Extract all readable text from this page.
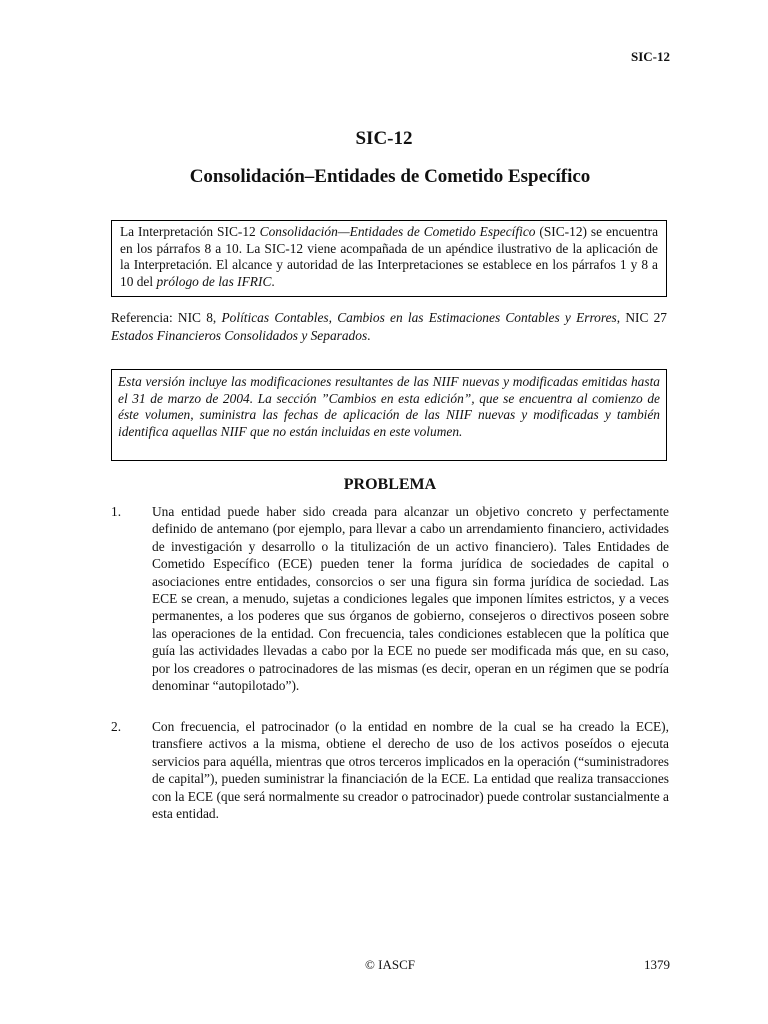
SIC-12
SIC-12
Consolidación–Entidades de Cometido Específico
La Interpretación SIC-12 Consolidación—Entidades de Cometido Específico (SIC-12) se encuentra en los párrafos 8 a 10. La SIC-12 viene acompañada de un apéndice ilustrativo de la aplicación de la Interpretación. El alcance y autoridad de las Interpretaciones se establece en los párrafos 1 y 8 a 10 del prólogo de las IFRIC.
Referencia: NIC 8, Políticas Contables, Cambios en las Estimaciones Contables y Errores, NIC 27 Estados Financieros Consolidados y Separados.
Esta versión incluye las modificaciones resultantes de las NIIF nuevas y modificadas emitidas hasta el 31 de marzo de 2004. La sección ”Cambios en esta edición”, que se encuentra al comienzo de éste volumen, suministra las fechas de aplicación de las NIIF nuevas y modificadas y también identifica aquellas NIIF que no están incluidas en este volumen.
PROBLEMA
1. Una entidad puede haber sido creada para alcanzar un objetivo concreto y perfectamente definido de antemano (por ejemplo, para llevar a cabo un arrendamiento financiero, actividades de investigación y desarrollo o la titulización de un activo financiero). Tales Entidades de Cometido Específico (ECE) pueden tener la forma jurídica de sociedades de capital o asociaciones entre entidades, consorcios o ser una figura sin forma jurídica de sociedad. Las ECE se crean, a menudo, sujetas a condiciones legales que imponen límites estrictos, y a veces permanentes, a los poderes que sus órganos de gobierno, consejeros o directivos poseen sobre las operaciones de la entidad. Con frecuencia, tales condiciones establecen que la política que guía las actividades llevadas a cabo por la ECE no puede ser modificada más que, en su caso, por los creadores o patrocinadores de las mismas (es decir, operan en un régimen que se podría denominar “autopilotado”).
2. Con frecuencia, el patrocinador (o la entidad en nombre de la cual se ha creado la ECE), transfiere activos a la misma, obtiene el derecho de uso de los activos poseídos o ejecuta servicios para aquélla, mientras que otros terceros implicados en la operación (“suministradores de capital”), pueden suministrar la financiación de la ECE. La entidad que realiza transacciones con la ECE (que será normalmente su creador o patrocinador) puede controlar sustancialmente a esta entidad.
© IASCF	1379
